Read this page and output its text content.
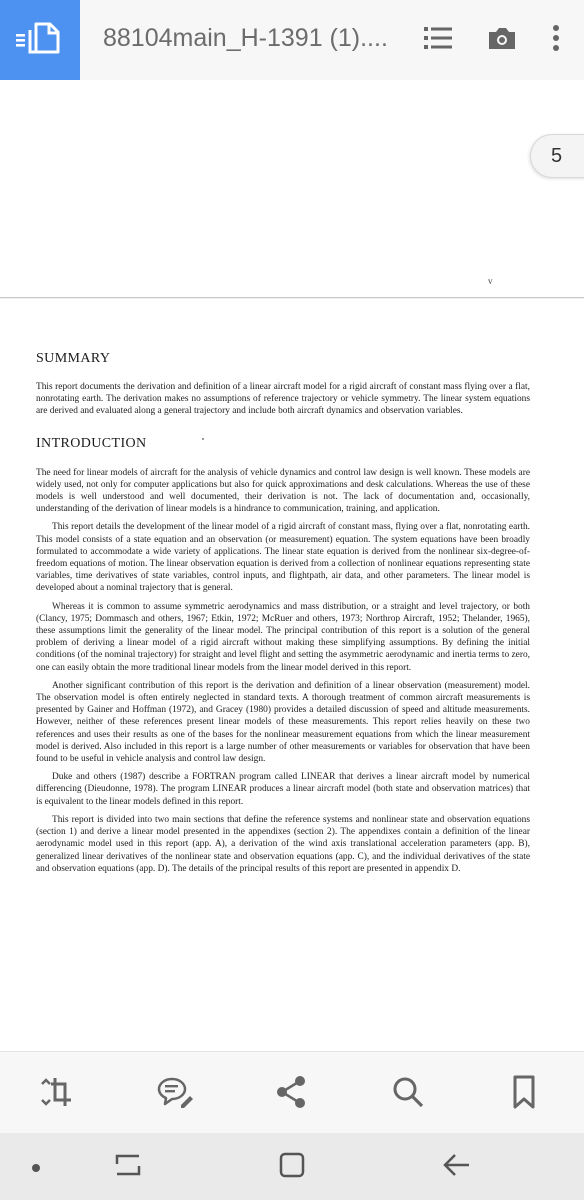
88104main_H-1391 (1)....
v
5
SUMMARY

This report documents the derivation and definition of a linear aircraft model for a rigid aircraft of constant mass flying over a flat, nonrotating earth. The derivation makes no assumptions of reference trajectory or vehicle symmetry. The linear system equations are derived and evaluated along a general trajectory and include both aircraft dynamics and observation variables.

INTRODUCTION

The need for linear models of aircraft for the analysis of vehicle dynamics and control law design is well known. These models are widely used, not only for computer applications but also for quick approximations and desk calculations. Whereas the use of these models is well understood and well documented, their derivation is not. The lack of documentation and, occasionally, understanding of the derivation of linear models is a hindrance to communication, training, and application.

This report details the development of the linear model of a rigid aircraft of constant mass, flying over a flat, nonrotating earth. This model consists of a state equation and an observation (or measurement) equation. The system equations have been broadly formulated to accommodate a wide variety of applications. The linear state equation is derived from the nonlinear six-degree-of-freedom equations of motion. The linear observation equation is derived from a collection of nonlinear equations representing state variables, time derivatives of state variables, control inputs, and flightpath, air data, and other parameters. The linear model is developed about a nominal trajectory that is general.

Whereas it is common to assume symmetric aerodynamics and mass distribution, or a straight and level trajectory, or both (Clancy, 1975; Dommasch and others, 1967; Etkin, 1972; McRuer and others, 1973; Northrop Aircraft, 1952; Thelander, 1965), these assumptions limit the generality of the linear model. The principal contribution of this report is a solution of the general problem of deriving a linear model of a rigid aircraft without making these simplifying assumptions. By defining the initial conditions (of the nominal trajectory) for straight and level flight and setting the asymmetric aerodynamic and inertia terms to zero, one can easily obtain the more traditional linear models from the linear model derived in this report.

Another significant contribution of this report is the derivation and definition of a linear observation (measurement) model. The observation model is often entirely neglected in standard texts. A thorough treatment of common aircraft measurements is presented by Gainer and Hoffman (1972), and Gracey (1980) provides a detailed discussion of speed and altitude measurements. However, neither of these references present linear models of these measurements. This report relies heavily on these two references and uses their results as one of the bases for the nonlinear measurement equations from which the linear measurement model is derived. Also included in this report is a large number of other measurements or variables for observation that have been found to be useful in vehicle analysis and control law design.

Duke and others (1987) describe a FORTRAN program called LINEAR that derives a linear aircraft model by numerical differencing (Dieudonne, 1978). The program LINEAR produces a linear aircraft model (both state and observation matrices) that is equivalent to the linear models defined in this report.

This report is divided into two main sections that define the reference systems and nonlinear state and observation equations (section 1) and derive a linear model presented in the appendixes (section 2). The appendixes contain a definition of the linear aerodynamic model used in this report (app. A), a derivation of the wind axis translational acceleration parameters (app. B), generalized linear derivatives of the nonlinear state and observation equations (app. C), and the individual derivatives of the state and observation equations (app. D). The details of the principal results of this report are presented in appendix D.
